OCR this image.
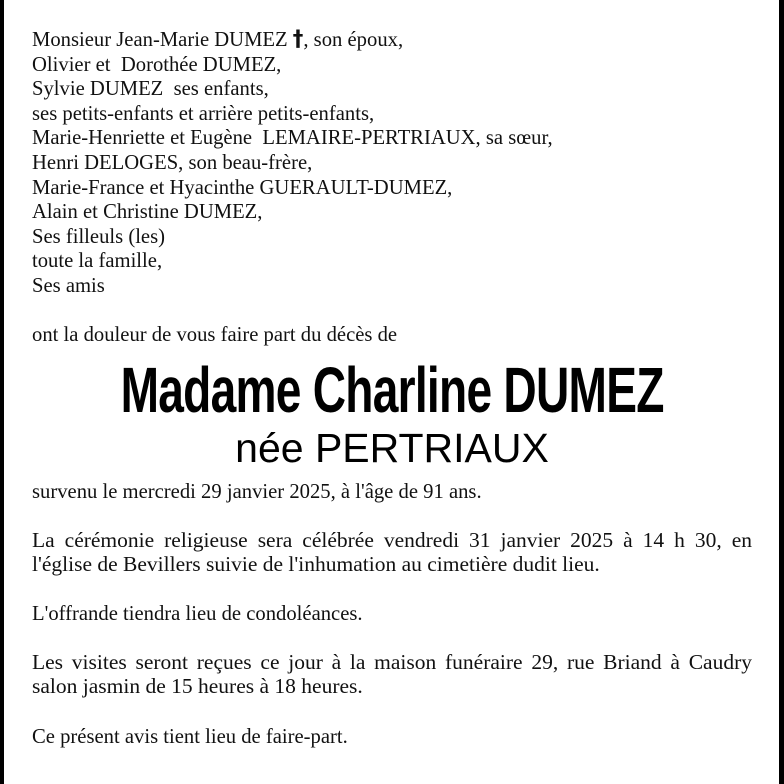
Monsieur Jean-Marie DUMEZ †, son époux,
Olivier et  Dorothée DUMEZ,
Sylvie DUMEZ  ses enfants,
ses petits-enfants et arrière petits-enfants,
Marie-Henriette et Eugène  LEMAIRE-PERTRIAUX, sa sœur,
Henri DELOGES, son beau-frère,
Marie-France et Hyacinthe GUERAULT-DUMEZ,
Alain et Christine DUMEZ,
Ses filleuls (les)
toute la famille,
Ses amis
ont la douleur de vous faire part du décès de
Madame Charline DUMEZ
née PERTRIAUX
survenu le mercredi 29 janvier 2025, à l'âge de 91 ans.
La cérémonie religieuse sera célébrée vendredi 31 janvier 2025 à 14 h 30, en l'église de Bevillers suivie de l'inhumation au cimetière dudit lieu.
L'offrande tiendra lieu de condoléances.
Les visites seront reçues ce jour à la maison funéraire 29, rue Briand à Caudry salon jasmin de 15 heures à 18 heures.
Ce présent avis tient lieu de faire-part.
